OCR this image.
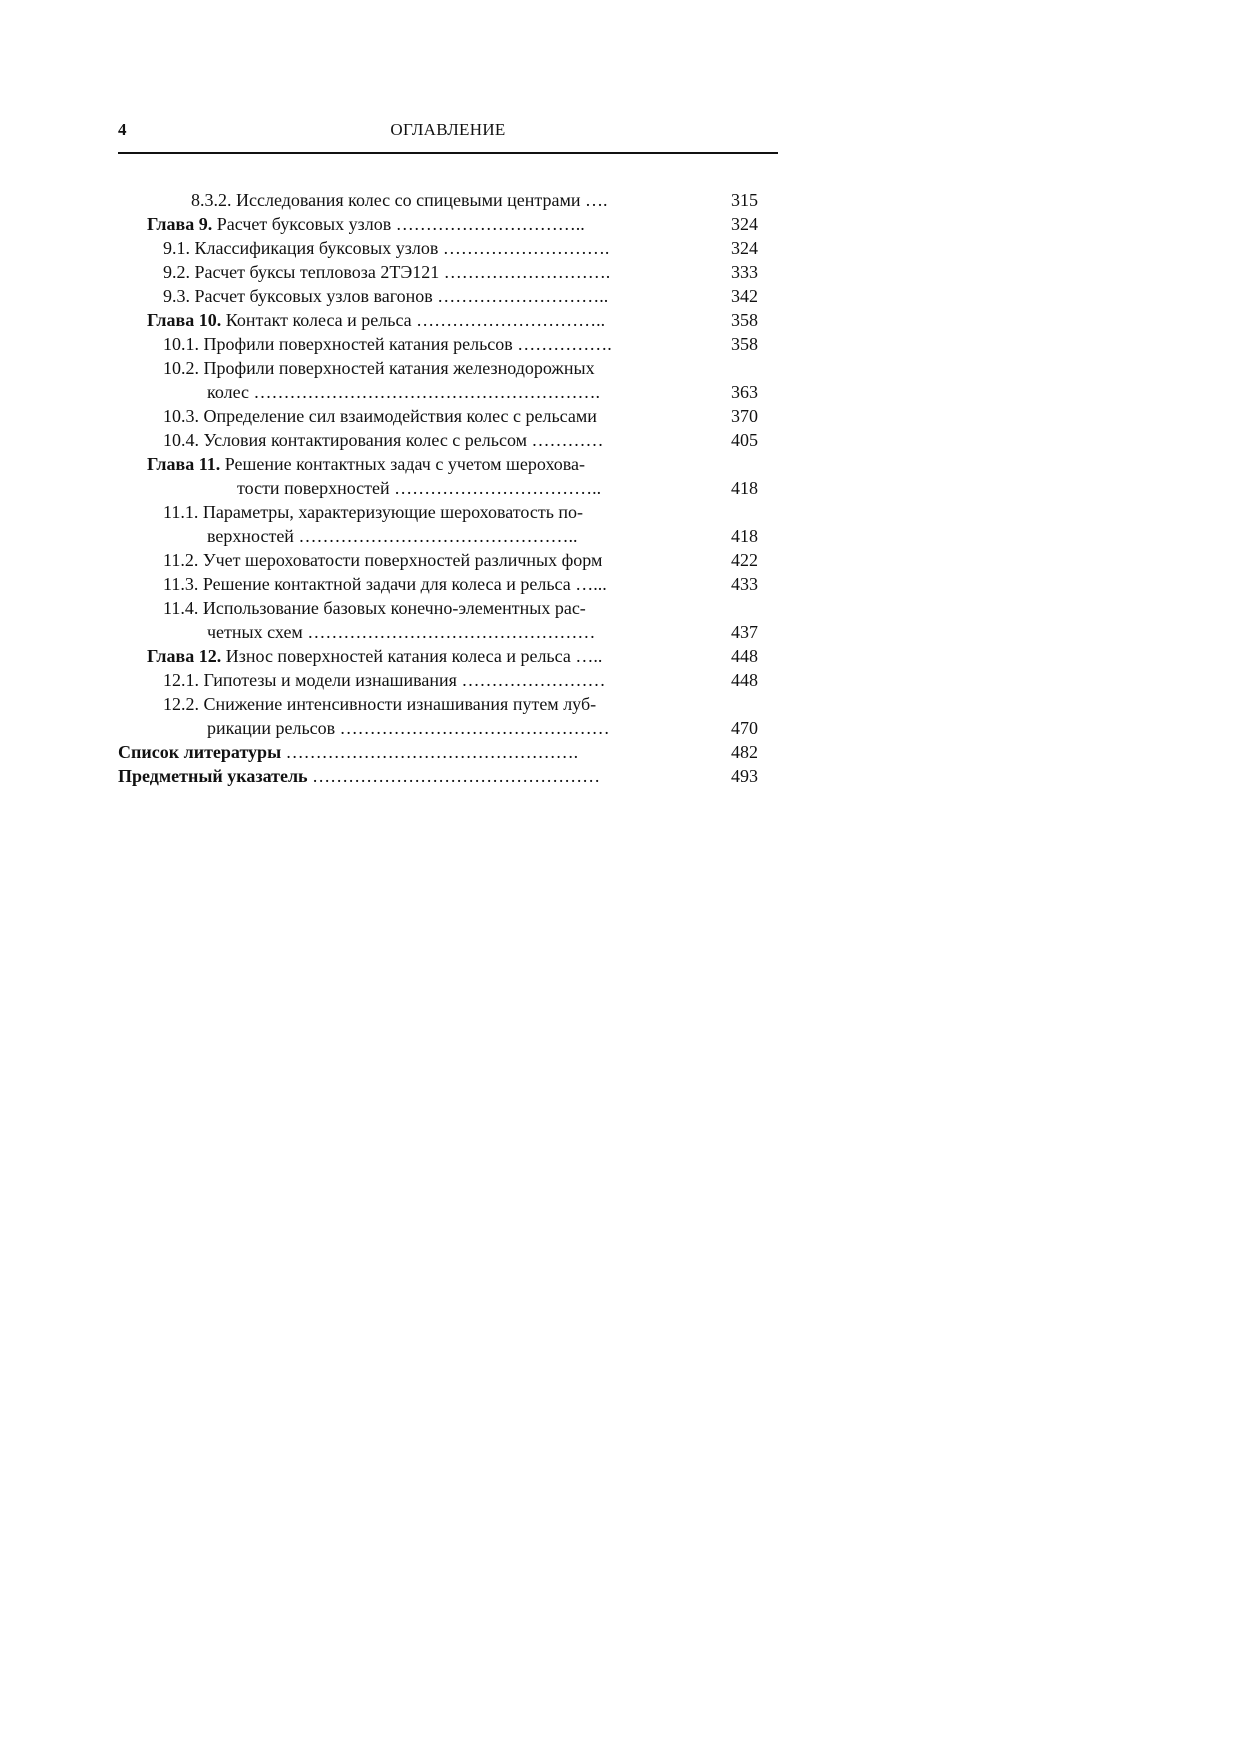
4	ОГЛАВЛЕНИЕ
8.3.2. Исследования колес со спицевыми центрами ….	315
Глава 9. Расчет буксовых узлов …………………………..	324
9.1. Классификация буксовых узлов ……………………….	324
9.2. Расчет буксы тепловоза 2ТЭ121 ……………………….	333
9.3. Расчет буксовых узлов вагонов ………………………..	342
Глава 10. Контакт колеса и рельса …………………………..	358
10.1. Профили поверхностей катания рельсов …………….	358
10.2. Профили поверхностей катания железнодорожных
колес ………………………………………………….	363
10.3. Определение сил взаимодействия колес с рельсами	370
10.4. Условия контактирования колес с рельсом …………	405
Глава 11. Решение контактных задач с учетом шерохова-
тости поверхностей ……………………………..	418
11.1. Параметры, характеризующие шероховатость по-
верхностей ………………………………………..	418
11.2. Учет шероховатости поверхностей различных форм	422
11.3. Решение контактной задачи для колеса и рельса …...	433
11.4. Использование базовых конечно-элементных рас-
четных схем …………………………………………	437
Глава 12. Износ поверхностей катания колеса и рельса …..	448
12.1. Гипотезы и модели изнашивания ……………………	448
12.2. Снижение интенсивности изнашивания путем луб-
рикации рельсов ………………………………………	470
Список литературы ………………………………………….	482
Предметный указатель …………………………………………	493
